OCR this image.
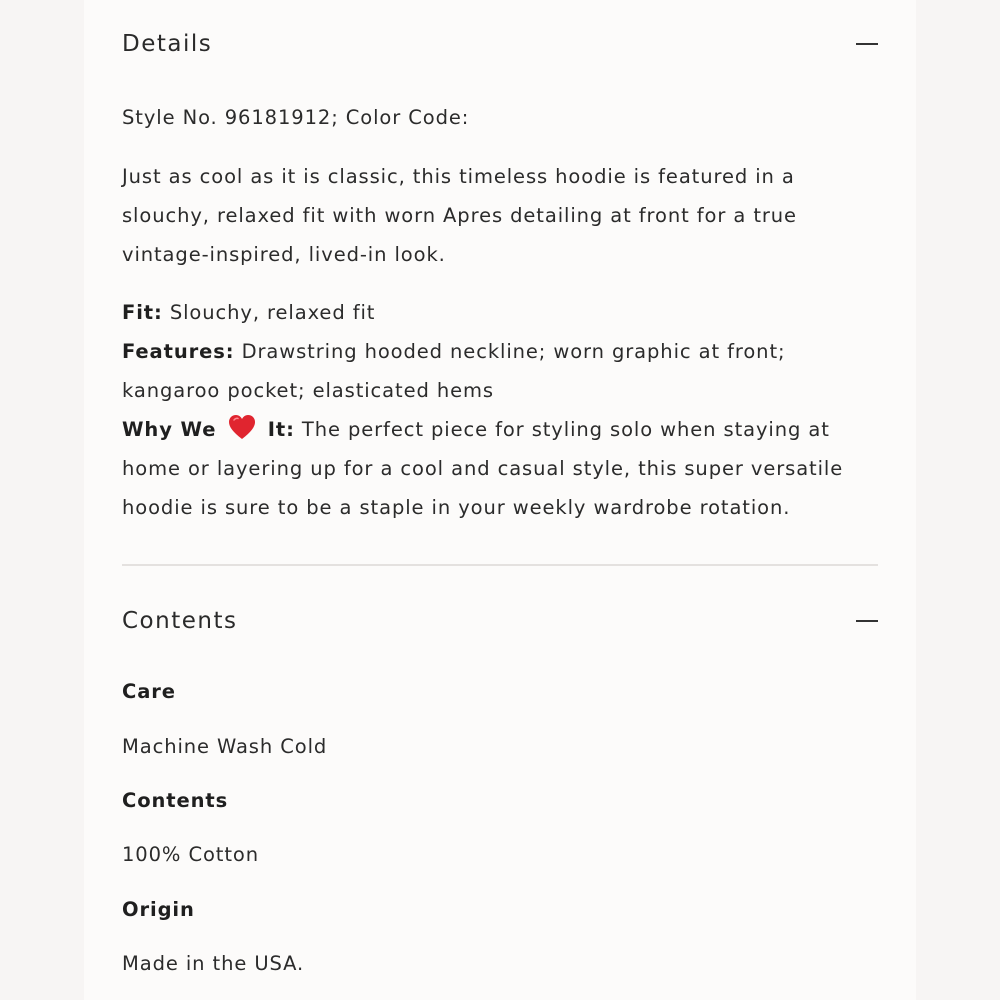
Details
Style No. 96181912; Color Code:
Just as cool as it is classic, this timeless hoodie is featured in a
slouchy, relaxed fit with worn Apres detailing at front for a true
vintage-inspired, lived-in look.
Fit: Slouchy, relaxed fit
Features: Drawstring hooded neckline; worn graphic at front;
kangaroo pocket; elasticated hems
Why We  It: The perfect piece for styling solo when staying at
home or layering up for a cool and casual style, this super versatile
hoodie is sure to be a staple in your weekly wardrobe rotation.
Contents
Care
Machine Wash Cold
Contents
100% Cotton
Origin
Made in the USA.
